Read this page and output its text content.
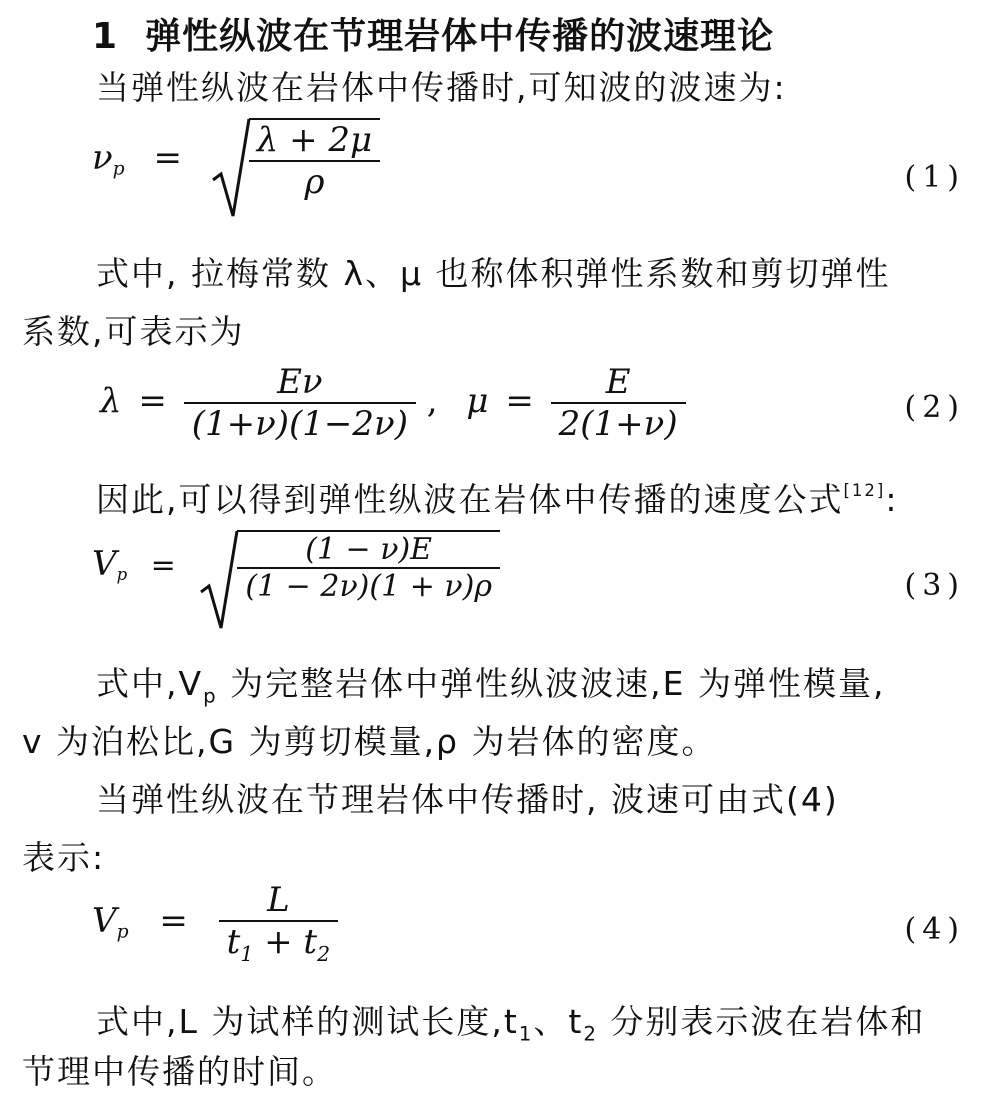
1 弹性纵波在节理岩体中传播的波速理论
当弹性纵波在岩体中传播时,可知波的波速为:
$\nu p = \frac{\lambda + 2\mu}{\rho}$	(1)
式中, 拉梅常数 λ、μ 也称体积弹性系数和剪切弹性
系数,可表示为
$\lambda = \frac{E\nu}{(1+\nu)(1-2\nu)}$ , $\mu = \frac{E}{2(1+\nu)}$	(2)
因此,可以得到弹性纵波在岩体中传播的速度公式[12]:
$Vp = \frac{(1 - \nu)E}{(1 - 2\nu)(1 + \nu)\rho}$	(3)
式中$,V_p$ 为完整岩体中弹性纵波波速,E 为弹性模量,
v 为泊松比,G 为剪切模量,ρ 为岩体的密度。
当弹性纵波在节理岩体中传播时, 波速可由式(4)
表示:
$Vp = \frac{L}{t_1 + t_2}$	(4)
式中,L 为试样的测试长度$,t_1$、$t_2$ 分别表示波在岩体和
节理中传播的时间。
